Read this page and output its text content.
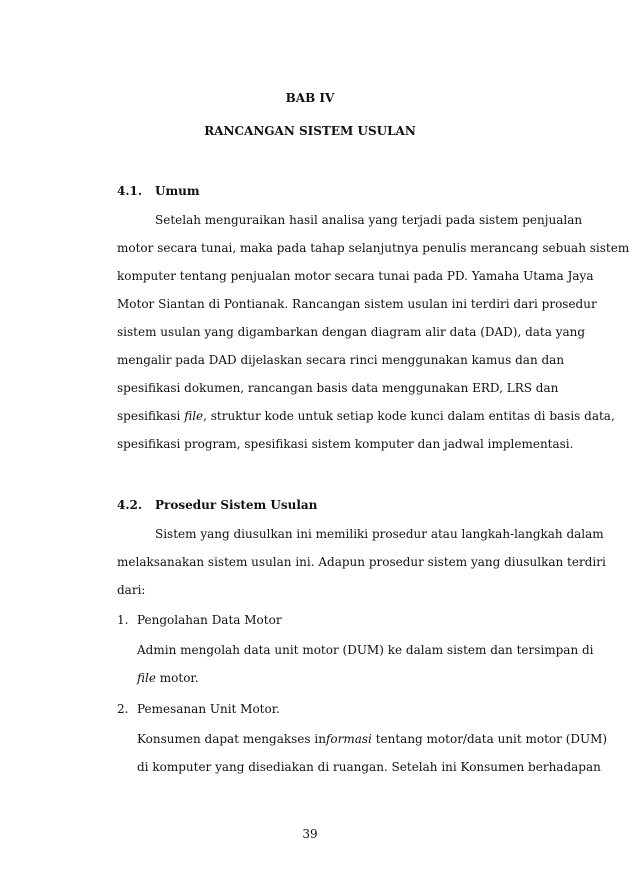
BAB IV
RANCANGAN SISTEM USULAN
4.1. Umum
Setelah menguraikan hasil analisa yang terjadi pada sistem penjualan
motor secara tunai, maka pada tahap selanjutnya penulis merancang sebuah sistem
komputer tentang penjualan motor secara tunai pada PD. Yamaha Utama Jaya
Motor Siantan di Pontianak. Rancangan sistem usulan ini terdiri dari prosedur
sistem usulan yang digambarkan dengan diagram alir data (DAD), data yang
mengalir pada DAD dijelaskan secara rinci menggunakan kamus dan dan
spesifikasi dokumen, rancangan basis data menggunakan ERD, LRS dan
spesifikasi file, struktur kode untuk setiap kode kunci dalam entitas di basis data,
spesifikasi program, spesifikasi sistem komputer dan jadwal implementasi.
4.2. Prosedur Sistem Usulan
Sistem yang diusulkan ini memiliki prosedur atau langkah-langkah dalam
melaksanakan sistem usulan ini. Adapun prosedur sistem yang diusulkan terdiri
dari:
1. Pengolahan Data Motor
Admin mengolah data unit motor (DUM) ke dalam sistem dan tersimpan di
file motor.
2. Pemesanan Unit Motor.
Konsumen dapat mengakses informasi tentang motor/data unit motor (DUM)
di komputer yang disediakan di ruangan. Setelah ini Konsumen berhadapan
39
